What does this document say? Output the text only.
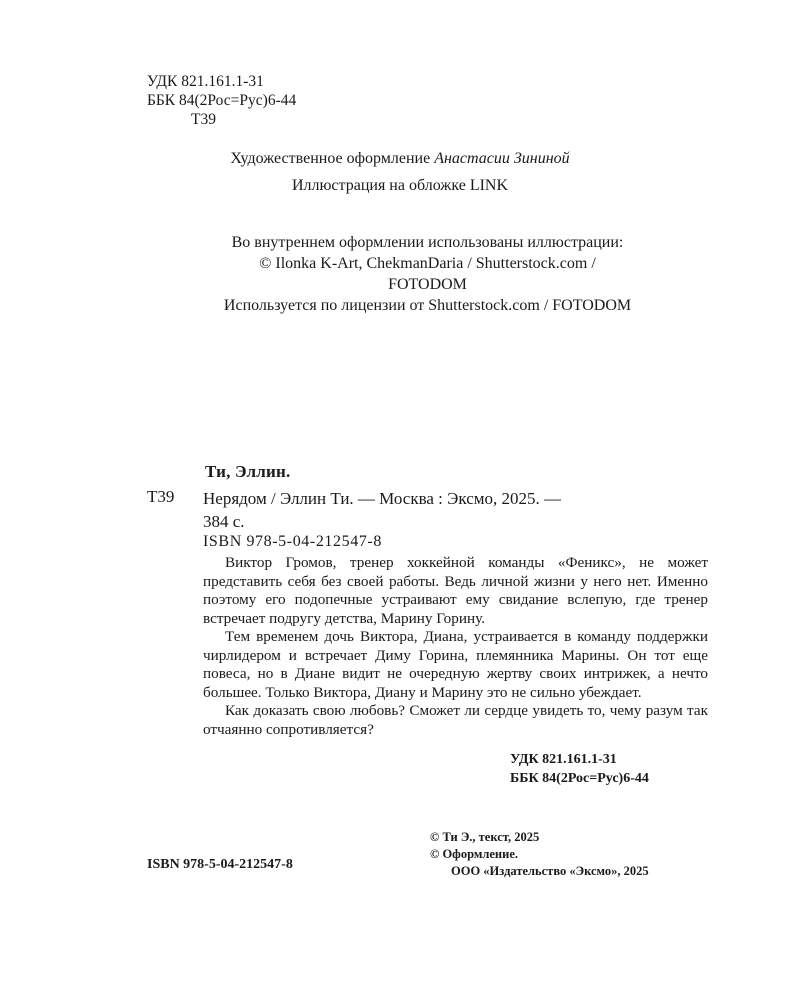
УДК 821.161.1-31
ББК 84(2Рос=Рус)6-44
Т39
Художественное оформление Анастасии Зининой
Иллюстрация на обложке LINK
Во внутреннем оформлении использованы иллюстрации:
© Ilonka K-Art, ChekmanDaria / Shutterstock.com /
FOTODOM
Используется по лицензии от Shutterstock.com / FOTODOM
Ти, Эллин.
Т39 Нерядом / Эллин Ти. — Москва : Эксмо, 2025. —
384 с.
ISBN 978-5-04-212547-8

Виктор Громов, тренер хоккейной команды «Феникс», не может представить себя без своей работы. Ведь личной жизни у него нет. Именно поэтому его подопечные устраивают ему свидание вслепую, где тренер встречает подругу детства, Марину Горину.

Тем временем дочь Виктора, Диана, устраивается в команду поддержки чирлидером и встречает Диму Горина, племянника Марины. Он тот еще повеса, но в Диане видит не очередную жертву своих интрижек, а нечто большее. Только Виктора, Диану и Марину это не сильно убеждает.

Как доказать свою любовь? Сможет ли сердце увидеть то, чему разум так отчаянно сопротивляется?

УДК 821.161.1-31
ББК 84(2Рос=Рус)6-44
© Ти Э., текст, 2025
© Оформление.
ООО «Издательство «Эксмо», 2025
ISBN 978-5-04-212547-8
